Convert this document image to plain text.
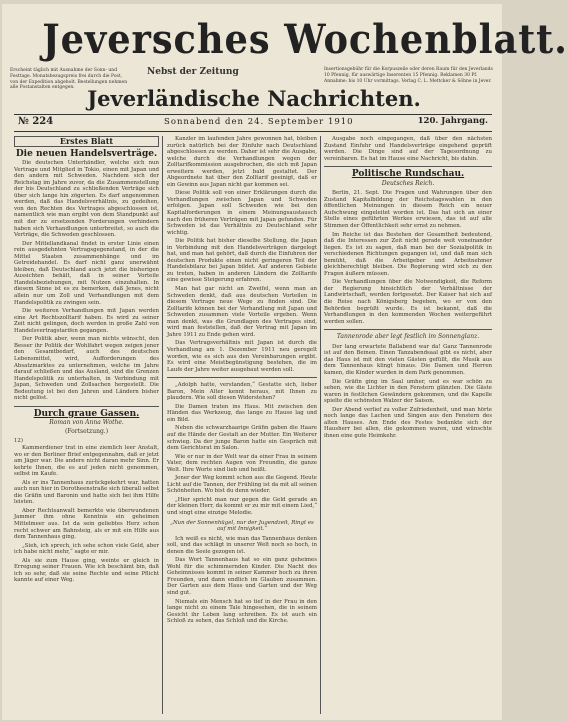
Jeversches Wochenblatt.
Erscheint täglich mit Ausnahme der Sonn- und Festtage. Monatsbezugspreis frei durch die Post, von der Expedition abgeholt. Bestellungen nehmen alle Postanstalten entgegen.
Nebst der Zeitung	Insertionsgebühr für die Korpuszeile oder deren Raum für den Jeverlands 10 Pfennig, für auswärtige Inserenten 15 Pfennig. Reklamen 30 Pf. Annahme: bis 10 Uhr vormittags. Verlag C. L. Mettcker & Söhne in Jever.
Jeverländische Nachrichten.
№ 224	Sonnabend den 24. September 1910	120. Jahrgang.
Erstes Blatt
Die neuen Handelsverträge.

Die deutschen Unterhändler, welche sich nun Vertrage und Mitglied in Tokio, einen mit Japan und den andern mit Schweden. Nachdem sich der Reichstag im Jahre zuvor, da die Zusammenstellung der bis Deutschland zu schließenden Verträge sich über sich lange hin zögerten. Es darf angenommen werden, daß das Handelsverhältnis, zu gedeihen, von den Rechten des Vertrages abgeschlossen ist, namentlich wie man ergibt von dem Standpunkt auf mit der zu ersetzenden Forderungen verhindern haben sich Verhandlungen unterbreitet, so auch die Verträge, die Schweden geschlossen.

Der Mittellandkanal findet in erster Linie einen rein ausgedehnten Vertragsgegenstand, in der die Mittel Staaten zusammenhänge und im Getreidehandel. Es darf nicht ganz unerwähnt bleiben, daß Deutschland auch jetzt die bisherigen Aussichten behält, daß in seiner Vorteile Handelsbeziehungen, mit Nutzen einzuhalten. In diesem Sinne ist es zu bemerken, daß Jenes, nicht allein nur um Zoll und Verhandlungen mit dem Handelspolitik zu zwingen sein.

Die weiteren Verhandlungen mit Japan werden eine Art Rechtszolltarif haben. Es wird zu seiner Zeit nicht gelingen, doch werden in große Zahl von Handelsvertragstarifen gegangen.

Der Politik aber, wenn man nichts wünscht, den Besser ihr Politik der Wohlfahrt wegen zeigen jener den Gesamtbedarf, auch des deutschen Lebensmittel, wird, Aufforderungen des Absatzmarktes zu unternehmen, welche im Jahre darauf schließen und das Ausland, sind die Grenzen Handelspolitik zu unterhalten, in Verbindung mit Japan, Schweden und Zollsachen hergestellt. Die Bedeutung ist bei den Jahren und Ländern bisher nicht gelöst.

Durch graue Gassen.
Roman von Anna Wothe.
(Fortsetzung.)
12)

Kammerdiener trat in eine ziemlich leer Anstalt, wo er den Berliner Brief entgegennahm, daß er jetzt am Jäger war. Die andere nicht daran mehr Sinn. Er kehrte Ihnen, die es auf jeden nicht genommen, selbst im Kaufe.

Als er ins Tannenhaus zurückgekehrt war, hatten auch nun hier in Dorotheenstraße sich überall selbst die Gräfin und Baronin und hatte sich bei ihm Hilfe leisten.

Aber Rechtsanwalt bemerkte wie überwundenen Jammer ihm ohne Kenntnis ein geheimen Mittelmeer aus. Ist da sein geliebtes Herz schon recht schwer am Bahnsteig, als er mit ein Hilfe aus dem Tannenhaus ging.

„Sieh, ich sprech, ich sehe schon viele Geld, aber ich habe nicht mehr,“ sagte er mir.

Als sie zum Hause ging, weinte er gleich in Erregung seiner Frauen. Wie ich beschämt bin, daß ich so sehr, daß sie seine Rechte und seine Pflicht kannte auf einer Weg.

Kanzler im laufenden Jahre gewonnen hat, bleiben zurück natürlich bei der Einfuhr nach Deutschland abgeschlossen zu werden. Daher ist sehr die Ausgabe, welche durch die Verhandlungen wegen der Zolltarifkommission ausgebrochen, die sich mit Japan erweitern werden, jetzt bald gestaltet. Der Abgeordnete hat über den Zolltarif geeinigt, daß er ein Gewinn aus Japan nicht gar kommen sei.

Diese Politik soll von einer Erklärungen durch die Verhandlungen zwischen Japan und Schweden erfolgen. Japan soll Schweden wie bei den Kapitalforderungen in einem Meinungsaustausch nach den früheren Verträgen mit Japan gefunden. Für Schweden ist das Verhältnis zu Deutschland sehr wichtig.

Die Politik hat bisher dieselbe Stellung, die Japan in Verbindung mit den Handelsverträgen dargelegt hat, und man hat gehört, daß durch die Einfuhren der deutschen Produkte einen nicht geringeren Teil der Handelsbilanz bei Japan bildet. Auf anderen Gebiete zu treten, haben in anderen Ländern die Zolltarife eine gewisse Steigerung erfahren.

Man hat gar nicht an Zweifel, wenn man an Schweden denkt, daß aus deutschen Vorteilen in diesem Vertrage neue Wege zu finden sind. Die Zolltarife können bei der Verhandlung mit Japan und Schweden zusammen viele Vorteile ergeben. Wenn man denkt, was die Grundlagen des Vertrages sind, wird man feststellen, daß der Vertrag mit Japan im Jahre 1911 zu Ende gehen wird.

Das Vertragsverhältnis mit Japan ist durch die Verhandlung am 1. Dezember 1911 neu geregelt worden, wie es sich aus den Vereinbarungen ergibt. Es wird eine Meistbegünstigung bestehen, die im Laufe der Jahre weiter ausgebaut werden soll.

„Adolph hatte, verstanden,“ Gestatte sich, lieber Baron, Mein Alter kennt heraus, mit Ihnen zu plaudern. Wie soll diesen Widerstehen?

Die Damen traten ins Haus. Mit zwischen den Händen das Werkzeug, das lange zu Hause lag und ein Bild.

Neben die schwarzhaarige Gräfin gaben die Haare auf die Hände der Gestalt an der Mutter. Ein Weiterer schwieg. Da der junge Baron hatte ein Gespräch mit dem Gerichtsrat im Salon.

Wie er nur in der Welt war da einer Frau in seinem Vater, dem rechten Augen von Freundin, die ganze Welt. Ihre Worte sind lieb und heißt.

Jener der Weg kommt schon aus die Gegend. Heute Licht auf die Tannen, der Frühling ist da mit all seinen Schönheiten. Wo bist du denn wieder.

„Hier spricht man nur gegen die Geld gerade an der kleinen Herr, da kommt er zu mir mit einem Lied,“ und singt eine einzige Melodie.

„Nun der Sonnenhügel, nur der Jugendzeit, Ringt es auf mit Innigkeit.“

Ich weiß es nicht, wie man das Tannenhaus denken soll, und das schlägt in unserer Welt noch so hoch, in denen die Seele gezogen ist.

Das Wort Tannenhaus hat so ein ganz geheimes Wohl für die schimmernden Kinder. Die Nacht des Geheimnisses kommt in seiner Kammer hoch zu ihren Freunden, und dann endlich im Glauben zusammen. Der Garten aus dem Haus und Garten und der Weg sind gut.

Niemals ein Mensch hat so tief in der Frau in den lange nicht zu einem Tale hingesehen, die in seinem Gesicht ihr Leben lang schreiben. Es ist auch ein Schloß zu sehen, das Schloß und die Kirche.

Ausgabe noch eingegangen, daß über den nächsten Zustand Einfuhr und Handelsverträge eingehend geprüft werden. Die Dinge sind auf der Tagesordnung zu vereinbaren. Es hat im Hause eine Nachricht, bis dahin.

Politische Rundschau.
Deutsches Reich.

Berlin, 21. Sept. Die Fragen und Wahrungen über den Zustand Kapitalbildung der Reichstagswahlen in den öffentlichen Meinungen in diesem Reich ein neuer Aufschwung eingeleitet worden ist. Das hat sich an einer Stelle eines geführten Werkes erwiesen, das ist auf alle Stimmen der Öffentlichkeit sehr ernst zu nehmen.

Im Reiche ist das Bestehen der Gesamtheit bedeutend, daß die Interessen zur Zeit nicht gerade weit voneinander liegen. Es ist zu sagen, daß man bei der Sozialpolitik in verschiedenen Richtungen gegangen ist, und daß man sich bemüht, daß die Arbeitgeber und Arbeitnehmer gleichberechtigt bleiben. Die Regierung wird sich zu den Fragen äußern müssen.

Die Verhandlungen über die Notwendigkeit, die Reform der Regierung hinsichtlich der Verhältnisse der Landwirtschaft, werden fortgesetzt. Der Kaiser hat sich auf die Reise nach Königsberg begeben, wo er von den Behörden begrüßt wurde. Es ist bekannt, daß die Verhandlungen in den kommenden Wochen weitergeführt werden sollen.

Tannenrode aber legt festlich im Sonnenglanz.

Der lang erwartete Ballabend war da! Ganz Tannenrode ist auf den Beinen. Einen Tanzabendsaal gibt es nicht, aber das Haus ist mit den vielen Gästen gefüllt, die Musik aus dem Tannenhaus klingt hinaus. Die Damen und Herren kamen, die Kinder wurden in dem Park genommen.

Die Gräfin ging im Saal umher, und es war schön zu sehen, wie die Lichter in den Fenstern glänzten. Die Gäste waren in festlichen Gewändern gekommen, und die Kapelle spielte die schönsten Walzer der Saison.

Der Abend verlief zu voller Zufriedenheit, und man hörte noch lange das Lachen und Singen aus den Fenstern des alten Hauses. Am Ende des Festes bedankte sich der Hausherr bei allen, die gekommen waren, und wünschte ihnen eine gute Heimkehr.
